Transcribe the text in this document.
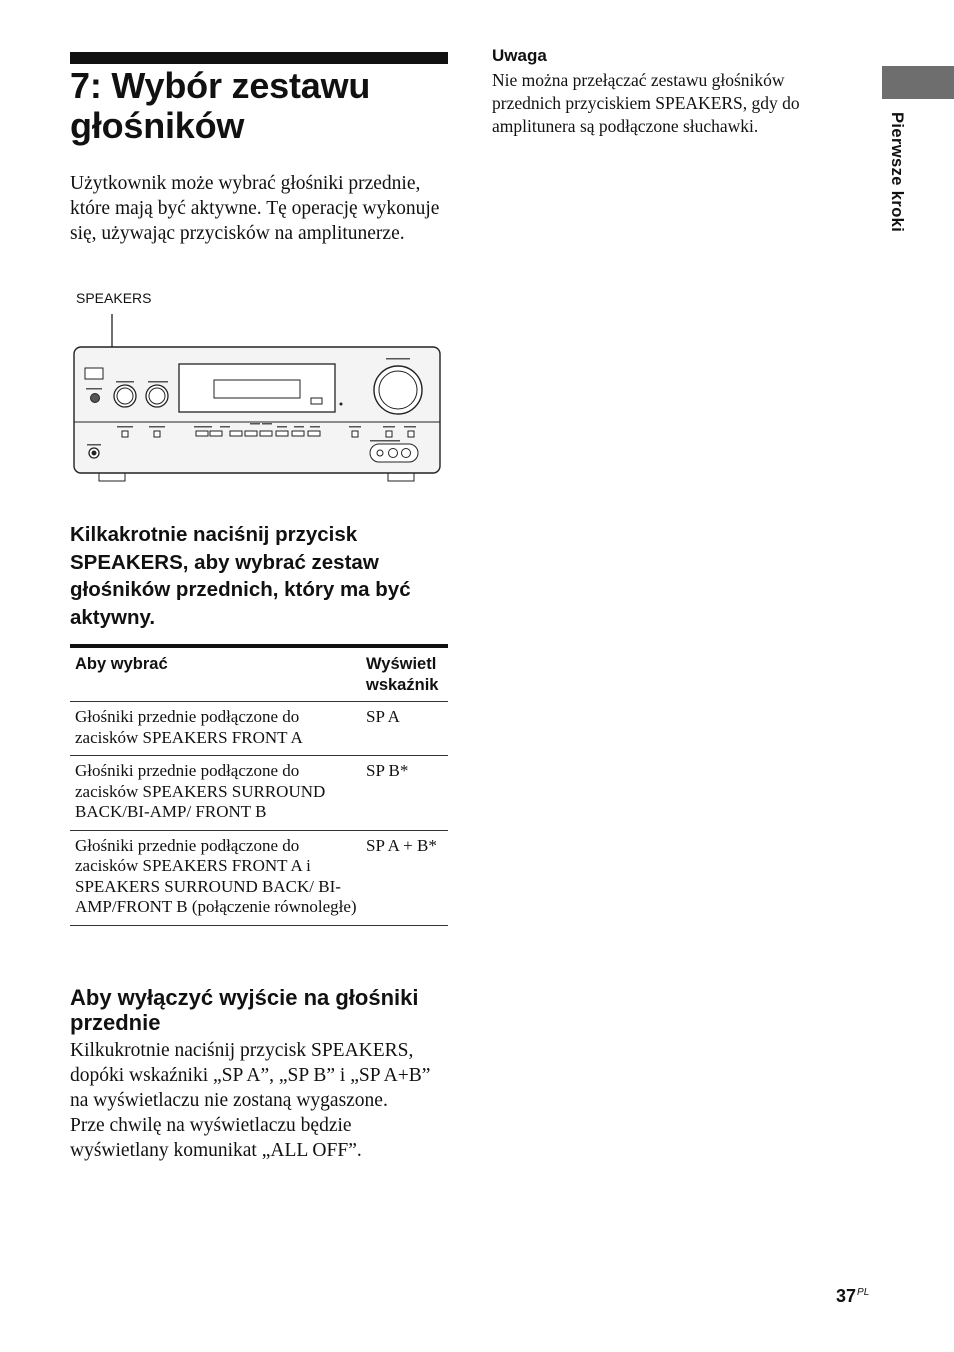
7: Wybór zestawu głośników

Użytkownik może wybrać głośniki przednie, które mają być aktywne. Tę operację wykonuje się, używając przycisków na amplitunerze.

SPEAKERS

Kilkakrotnie naciśnij przycisk SPEAKERS, aby wybrać zestaw głośników przednich, który ma być aktywny.

Aby wybrać	Wyświetl wskaźnik
Głośniki przednie podłączone do zacisków SPEAKERS FRONT A	SP A
Głośniki przednie podłączone do zacisków SPEAKERS SURROUND BACK/BI-AMP/ FRONT B	SP B*
Głośniki przednie podłączone do zacisków SPEAKERS FRONT A i SPEAKERS SURROUND BACK/ BI-AMP/FRONT B (połączenie równoległe)	SP A + B*
Aby wyłączyć wyjście na głośniki przednie
Kilkukrotnie naciśnij przycisk SPEAKERS, dopóki wskaźniki „SP A”, „SP B” i „SP A+B” na wyświetlaczu nie zostaną wygaszone.
Prze chwilę na wyświetlaczu będzie wyświetlany komunikat „ALL OFF”.
Uwaga

Nie można przełączać zestawu głośników przednich przyciskiem SPEAKERS, gdy do amplitunera są podłączone słuchawki.	Pierwsze kroki
$37^{PL}$
